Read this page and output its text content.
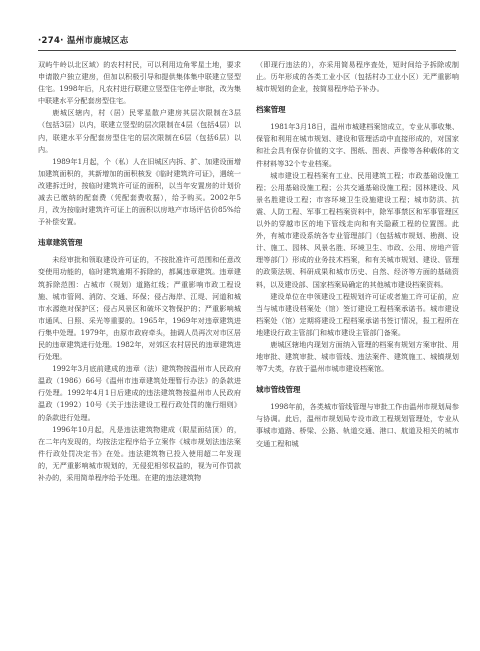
·274· 温州市鹿城区志

双屿牛岭以北区域）的农村村民，可以利用边角零星土地，要求申请散户独立建房，但加以积极引导和提供集体集中联建立竖型住宅。1998年后，凡农村进行联建立竖型住宅停止审批，改为集中联建水平分配套房型住宅。

鹿城区辖内，村（居）民零星散户建房其层次限制在3层（包括3层）以内，联建立竖型的层次限制在4层（包括4层）以内，联建水平分配套房型住宅的层次限制在6层（包括6层）以内。

1989年1月起，个（私）人在旧城区内拆、扩、加建设面增加建筑面积的，其新增加的面积核发《临时建筑许可证》，遇统一改建拆迁时，按临时建筑许可证的面积，以当年安置房的计划价减去已缴纳的配套费（凭配套费收据），给予购买。2002年5月，改为按临时建筑许可证上的面积以房地产市场评估价85%给予补偿安置。

违章建筑管理

未经审批和领取建设许可证的，不按批准许可范围和任意改变使用功能的，临时建筑逾期不拆除的，都属违章建筑。违章建筑拆除范围：占城市（规划）道路红线；严重影响市政工程设施、城市管网、消防、交通、环保；侵占海岸、江堤、河道和城市水源绝对保护区；侵占风景区和破坏文物保护的；严重影响城市通风、日照、采光等重要的。1965年，1969年对违章建筑进行集中处理。1979年，由原市政府牵头，抽调人员再次对市区居民的违章建筑进行处理。1982年，对郊区农村居民的违章建筑进行处理。

1992年3月底前建成的违章（法）建筑物按温州市人民政府温政（1986）66号《温州市违章建筑处理暂行办法》的条款进行处理。1992年4月1日后建成的违法建筑物按温州市人民政府温政（1992）10号《关于违法建设工程行政处罚的施行细则》的条款进行处理。

1996年10月起，凡是违法建筑物建成（限屋面结顶）的，在二年内发现的，均按法定程序给予立案作《城市规划法违法案件行政处罚决定书》在处。违法建筑物已投入使用超二年发现的，无严重影响城市规划的，无侵犯相邻权益的，视为可作罚款补办的，采用简单程序给予处理。在建的违法建筑物

（即现行违法的），亦采用简易程序查处，短时间给予拆除或制止。历年形成的各类工业小区（包括村办工业小区）无严重影响城市规划的企业，按简易程序给予补办。

档案管理

1981年3月18日，温州市城建档案馆成立，专业从事收集、保管和利用在城市规划、建设和管理活动中直接形成的，对国家和社会具有保存价值的文字、图纸、图表、声像等各种载体的文件材料等32个专业档案。

城市建设工程档案有工业、民用建筑工程；市政基础设施工程；公用基础设施工程；公共交通基础设施工程；园林建设、风景名胜建设工程；市容环境卫生设施建设工程；城市防洪、抗震、人防工程、军事工程档案资料中，除军事禁区和军事管理区以外的穿越市区的地下管线走向和有关隐蔽工程的位置图。此外，有城市建设系统各专业管理部门（包括城市规划、勘测、设计、施工、园林、风景名胜、环境卫生、市政、公用、房地产管理等部门）形成的业务技术档案，和有关城市规划、建设、管理的政策法规、科研成果和城市历史、自然、经济等方面的基础资料，以及建设部、国家档案局确定的其他城市建设档案资料。

建设单位在申领建设工程规划许可证或者施工许可证前，应当与城市建设档案处（馆）签订建设工程档案承诺书。城市建设档案处（馆）定期将建设工程档案承诺书签订情况，报工程所在地建设行政主管部门和城市建设主管部门备案。

鹿城区辖地内现划方面纳入管理的档案有规划方案审批、用地审批、建筑审批、城市管线、违法案件、建筑施工、城镇规划等7大类，存放于温州市城市建设档案馆。

城市管线管理

1998年前，各类城市管线管理与审批工作由温州市规划局参与协调。此后，温州市规划局专设市政工程规划管理处，专业从事城市道路、桥梁、公路、轨道交通、港口、航道及相关的城市交通工程和城
